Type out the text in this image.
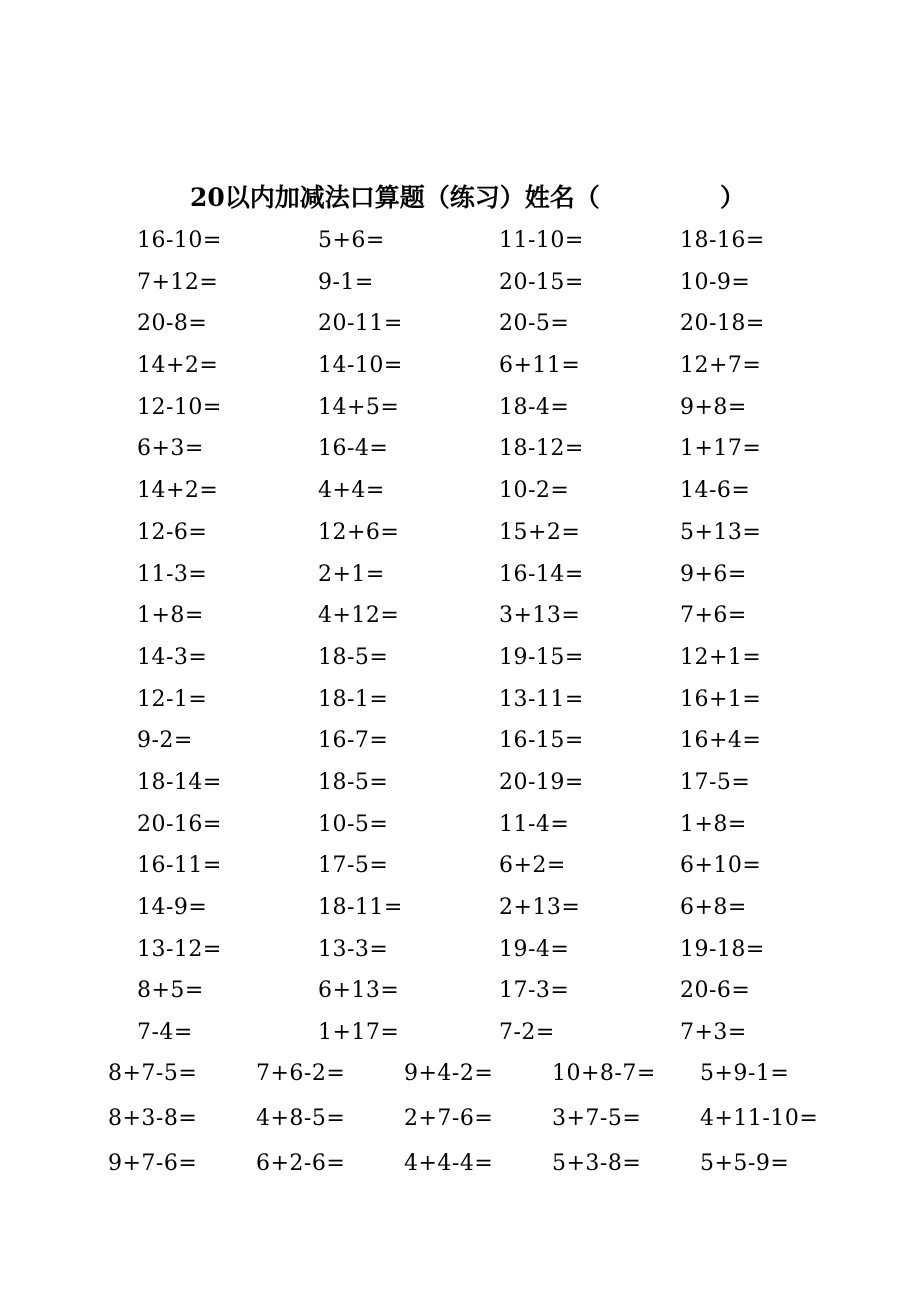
20以内加减法口算题（练习）姓名（	）
16-10=	5+6=	11-10=	18-16=
7+12=	9-1=	20-15=	10-9=
20-8=	20-11=	20-5=	20-18=
14+2=	14-10=	6+11=	12+7=
12-10=	14+5=	18-4=	9+8=
6+3=	16-4=	18-12=	1+17=
14+2=	4+4=	10-2=	14-6=
12-6=	12+6=	15+2=	5+13=
11-3=	2+1=	16-14=	9+6=
1+8=	4+12=	3+13=	7+6=
14-3=	18-5=	19-15=	12+1=
12-1=	18-1=	13-11=	16+1=
9-2=	16-7=	16-15=	16+4=
18-14=	18-5=	20-19=	17-5=
20-16=	10-5=	11-4=	1+8=
16-11=	17-5=	6+2=	6+10=
14-9=	18-11=	2+13=	6+8=
13-12=	13-3=	19-4=	19-18=
8+5=	6+13=	17-3=	20-6=
7-4=	1+17=	7-2=	7+3=
8+7-5=	7+6-2=	9+4-2=	10+8-7= 5+9-1=
8+3-8=	4+8-5=	2+7-6=	3+7-5=	4+11-10=
9+7-6=	6+2-6=	4+4-4=	5+3-8=	5+5-9=
